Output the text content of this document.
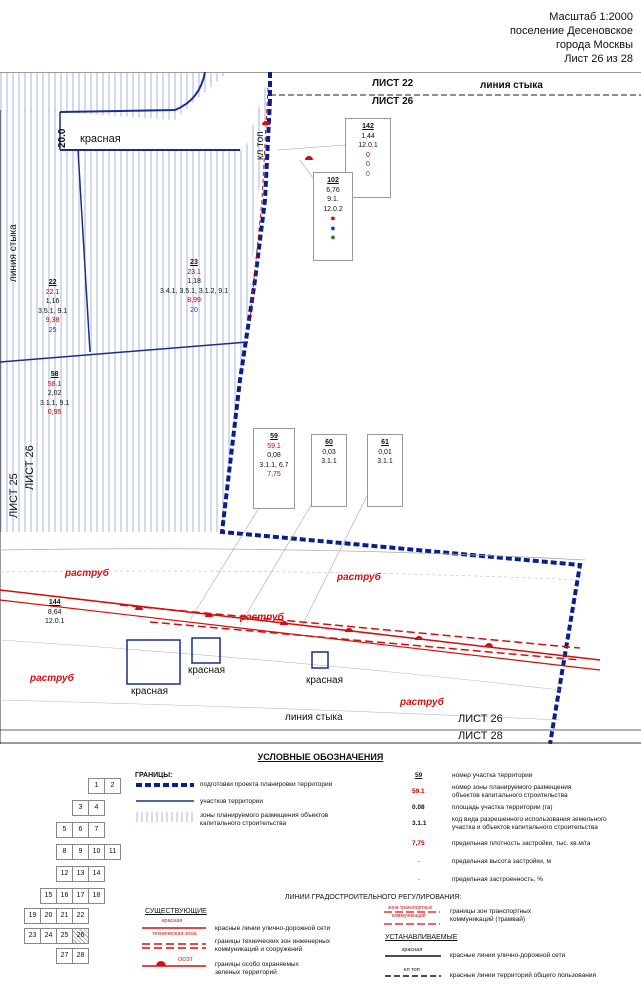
Масштаб 1:2000
поселение Десеновское
города Москвы
Лист 26 из 28
ЛИСТ 22
ЛИСТ 26
линия стыка
20.0 красная	кл топ
линия стыка
ЛИСТ 25
ЛИСТ 26
раструб	раструб
раструб
раструб
раструб
красная
красная
красная
линия стыка	ЛИСТ 26
ЛИСТ 28
22
22.1
1,16
3.5.1, 9.1
9,38
25
23
23.1
1,18
3.4.1, 3.5.1, 3.1.2, 9.1
8,99
20
58
58.1
2,02
3.1.1, 9.1
0,95
144
8,64
12.0.1
142
1,44
12.0.1
0
0
0
102
6,76
9.1.
12.0.2
●
●
●
59
59.1
0,08
3.1.1, 6.7
7,75
60
0,03
3.1.1
61
0,01
3.1.1
УСЛОВНЫЕ ОБОЗНАЧЕНИЯ
1	2
3	4
5	6	7
8	9	10	11
12	13	14
15	16	17	18
19	20	21	22
23	24	25	26
27	28
ГРАНИЦЫ:
подготовки проекта планировки территории
участков территории
зоны планируемого размещения объектов
капитального строительства
59	номер участка территории
59.1
номер зоны планируемого размещения
объектов капитального строительства
0.08	площадь участка территории (га)
3.1.1
код вида разрешенного использования земельного
участка и объектов капитального строительства
7,75	предельная плотность застройки, тыс. кв.м/га
-	предельная высота застройки, м
-	предельная застроенность, %
ЛИНИИ ГРАДОСТРОИТЕЛЬНОГО РЕГУЛИРОВАНИЯ:
СУЩЕСТВУЮЩИЕ
красная
техническая зона
ООЗТ
красные линии улично-дорожной сети
границы технических зон инженерных
коммуникаций и сооружений
границы особо охраняемых
зеленых территорий
зона транспортных
коммуникаций
границы зон транспортных
коммуникаций (трамвай)
УСТАНАВЛИВАЕМЫЕ
красная
кл топ
красные линии улично-дорожной сети
красные линии территорий общего пользования
